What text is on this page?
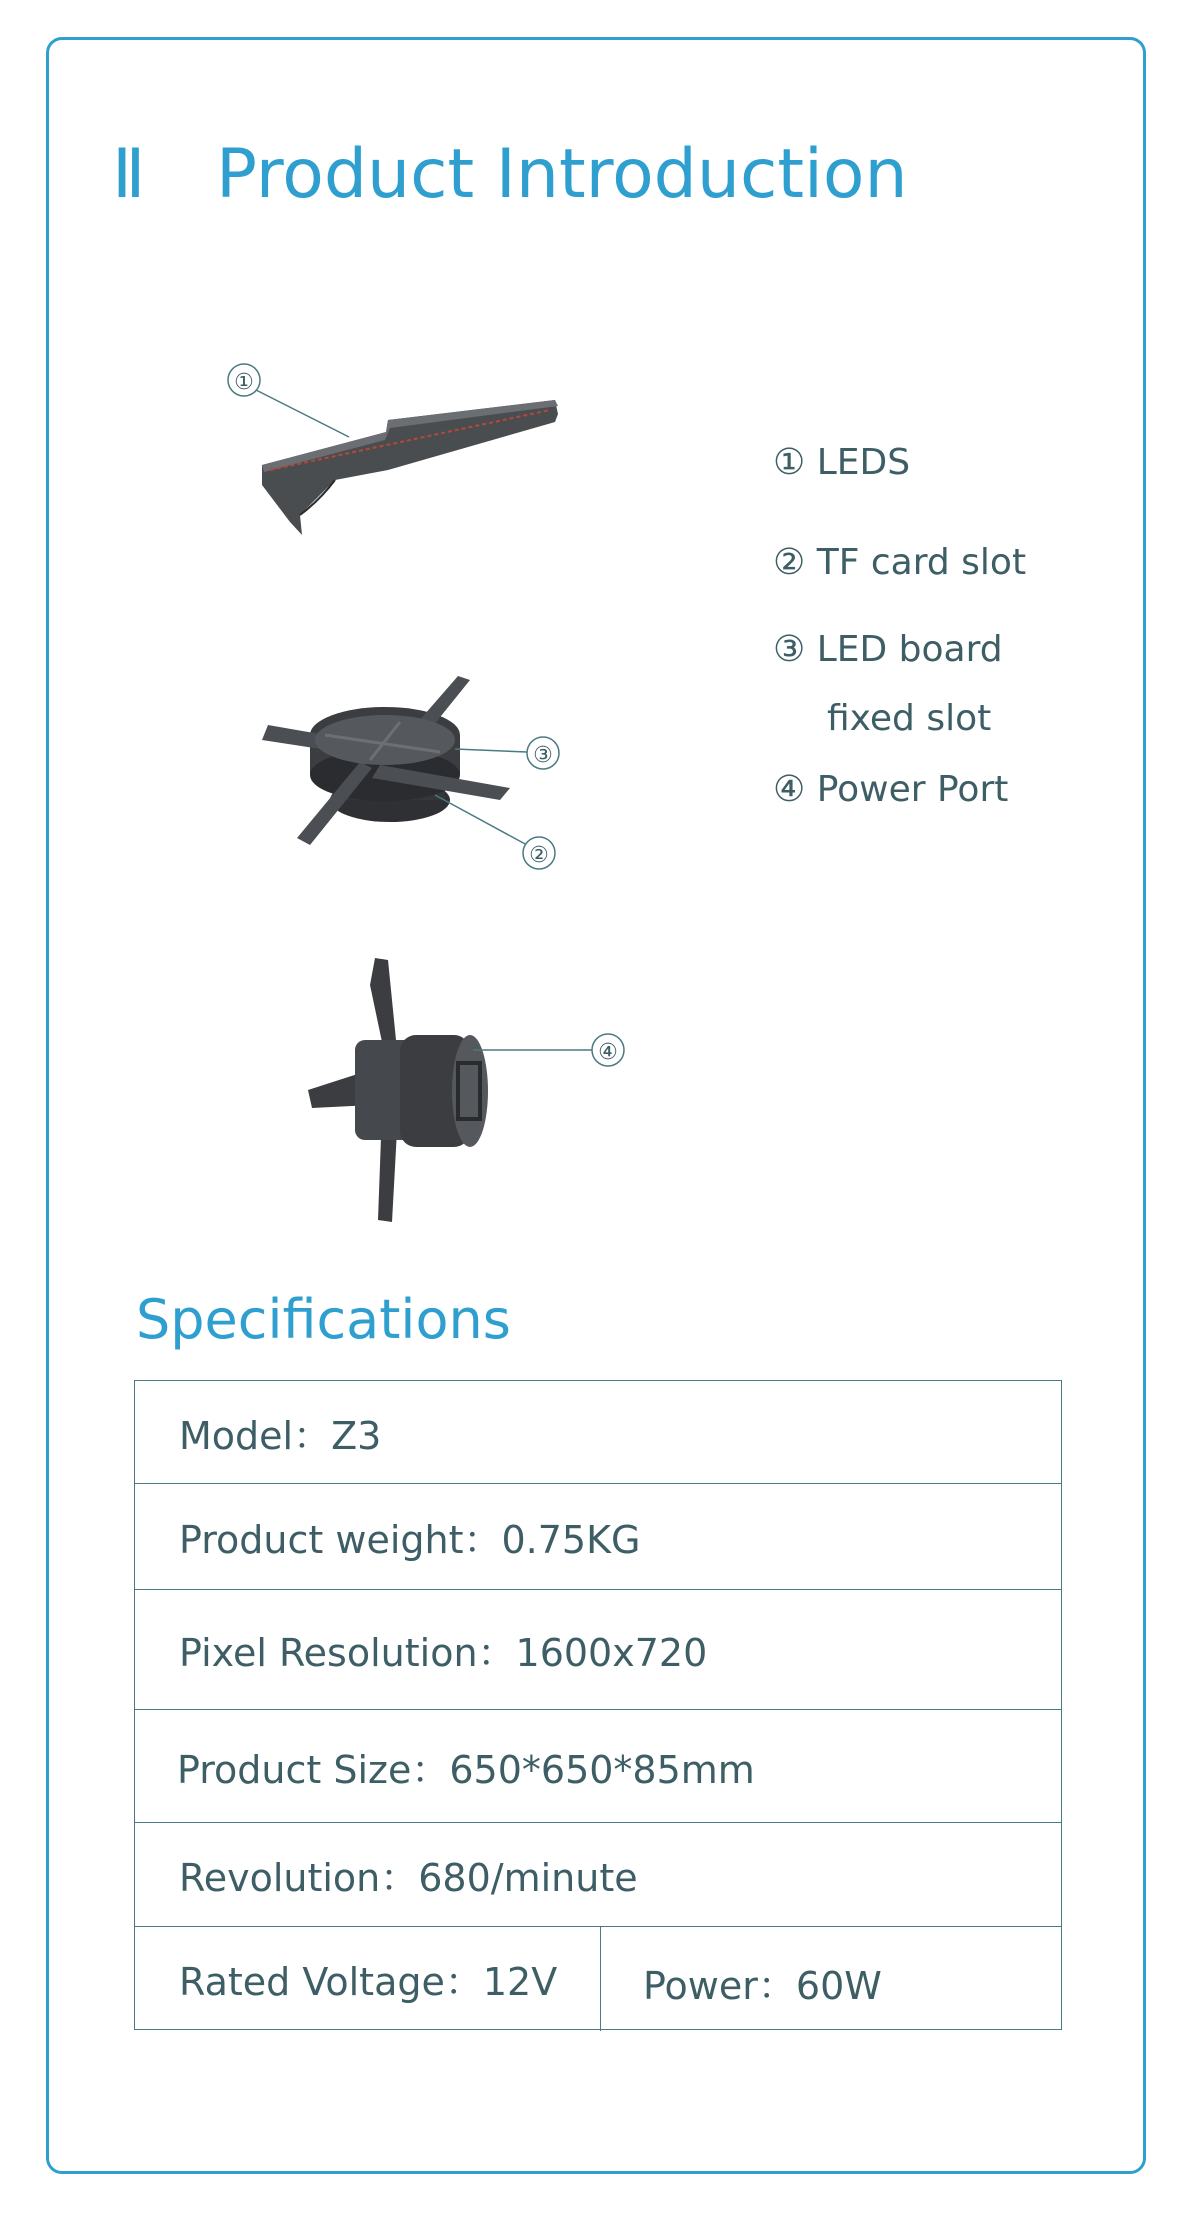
Ⅱ Product Introduction
①
③
②
④
① LEDS
② TF card slot
③ LED board
fixed slot
④ Power Port
Specifications
Model：Z3
Product weight：0.75KG
Pixel Resolution：1600x720
Product Size：650*650*85mm
Revolution：680/minute
Rated Voltage：12V	Power：60W
